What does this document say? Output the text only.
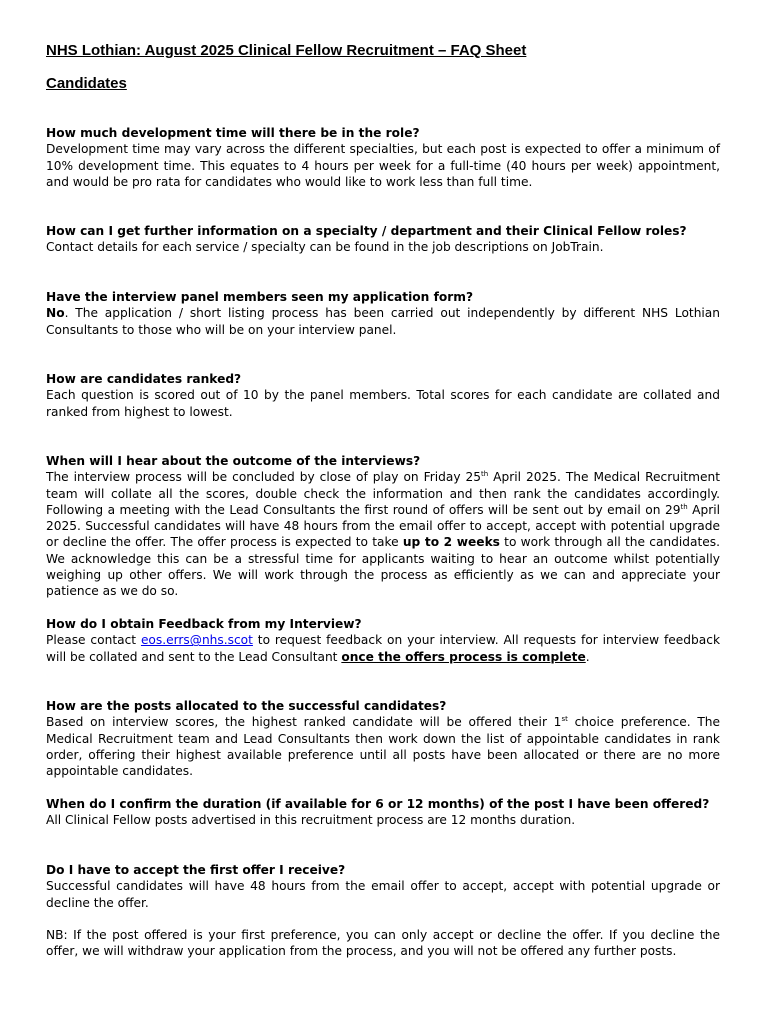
NHS Lothian: August 2025 Clinical Fellow Recruitment – FAQ Sheet
Candidates

How much development time will there be in the role?

Development time may vary across the different specialties, but each post is expected to offer a minimum of 10% development time. This equates to 4 hours per week for a full-time (40 hours per week) appointment, and would be pro rata for candidates who would like to work less than full time.

How can I get further information on a specialty / department and their Clinical Fellow roles?

Contact details for each service / specialty can be found in the job descriptions on JobTrain.

Have the interview panel members seen my application form?

No. The application / short listing process has been carried out independently by different NHS Lothian Consultants to those who will be on your interview panel.

How are candidates ranked?

Each question is scored out of 10 by the panel members. Total scores for each candidate are collated and ranked from highest to lowest.

When will I hear about the outcome of the interviews?

The interview process will be concluded by close of play on Friday 25th April 2025. The Medical Recruitment team will collate all the scores, double check the information and then rank the candidates accordingly. Following a meeting with the Lead Consultants the first round of offers will be sent out by email on 29th April 2025. Successful candidates will have 48 hours from the email offer to accept, accept with potential upgrade or decline the offer. The offer process is expected to take up to 2 weeks to work through all the candidates. We acknowledge this can be a stressful time for applicants waiting to hear an outcome whilst potentially weighing up other offers. We will work through the process as efficiently as we can and appreciate your patience as we do so.

How do I obtain Feedback from my Interview?

Please contact eos.errs@nhs.scot to request feedback on your interview. All requests for interview feedback will be collated and sent to the Lead Consultant once the offers process is complete.

How are the posts allocated to the successful candidates?

Based on interview scores, the highest ranked candidate will be offered their 1st choice preference. The Medical Recruitment team and Lead Consultants then work down the list of appointable candidates in rank order, offering their highest available preference until all posts have been allocated or there are no more appointable candidates.

When do I confirm the duration (if available for 6 or 12 months) of the post I have been offered?

All Clinical Fellow posts advertised in this recruitment process are 12 months duration.

Do I have to accept the first offer I receive?

Successful candidates will have 48 hours from the email offer to accept, accept with potential upgrade or decline the offer.

NB: If the post offered is your first preference, you can only accept or decline the offer. If you decline the offer, we will withdraw your application from the process, and you will not be offered any further posts.
